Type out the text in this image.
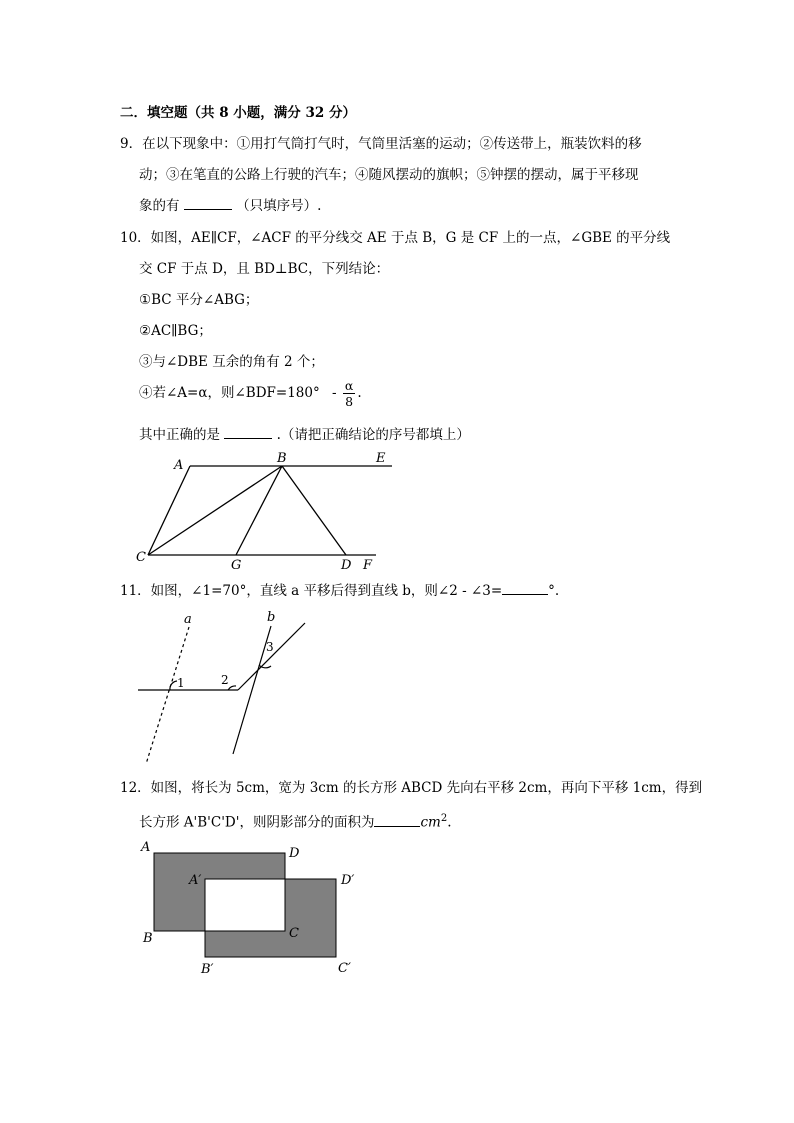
二．填空题（共 8 小题，满分 32 分）
9．在以下现象中：①用打气筒打气时，气筒里活塞的运动；②传送带上，瓶装饮料的移
动；③在笔直的公路上行驶的汽车；④随风摆动的旗帜；⑤钟摆的摆动，属于平移现
象的有	（只填序号）.
10．如图，AE∥CF，∠ACF 的平分线交 AE 于点 B，G 是 CF 上的一点，∠GBE 的平分线
交 CF 于点 D，且 BD⊥BC，下列结论：
①BC 平分∠ABG；
②AC∥BG；
③与∠DBE 互余的角有 2 个；
④若∠A=α，则∠BDF=180° - $\frac{\alpha}{8}$ .
其中正确的是	.（请把正确结论的序号都填上）
A	B	E
C
G	D F
11．如图，∠1=70°，直线 a 平移后得到直线 b，则∠2 - ∠3=	°.
a	b
1	2
3
12．如图，将长为 5cm，宽为 3cm 的长方形 ABCD 先向右平移 2cm，再向下平移 1cm，得到
长方形 A'B'C'D'，则阴影部分的面积为	$cm^2$.
A	D
A′	D′
B	C
B′	C′
